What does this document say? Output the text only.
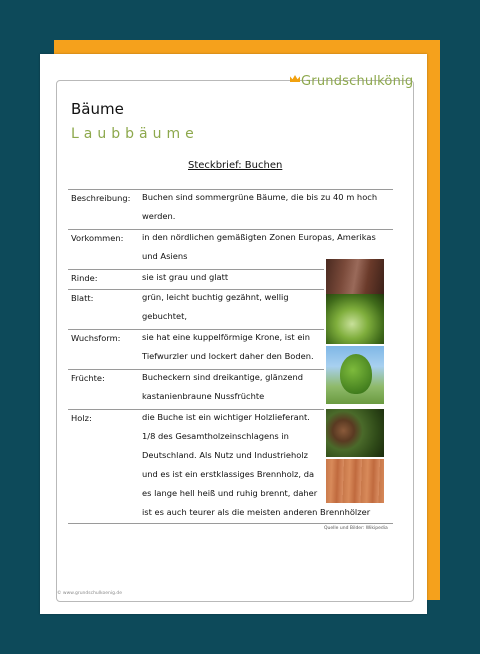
Grundschulkönig
Bäume
Laubbäume
Steckbrief: Buchen
Beschreibung: Buchen sind sommergrüne Bäume, die bis zu 40 m hoch
werden.
Vorkommen: in den nördlichen gemäßigten Zonen Europas, Amerikas
und Asiens
Rinde:	sie ist grau und glatt
Blatt:	grün, leicht buchtig gezähnt, wellig
gebuchtet,
Wuchsform:	sie hat eine kuppelförmige Krone, ist ein
Tiefwurzler und lockert daher den Boden.
Früchte:	Bucheckern sind dreikantige, glänzend
kastanienbraune Nussfrüchte
Holz:	die Buche ist ein wichtiger Holzlieferant.
1/8 des Gesamtholzeinschlagens in
Deutschland. Als Nutz und Industrieholz
und es ist ein erstklassiges Brennholz, da
es lange hell heiß und ruhig brennt, daher
ist es auch teurer als die meisten anderen Brennhölzer
Quelle und Bilder: Wikipedia
© www.grundschulkoenig.de
